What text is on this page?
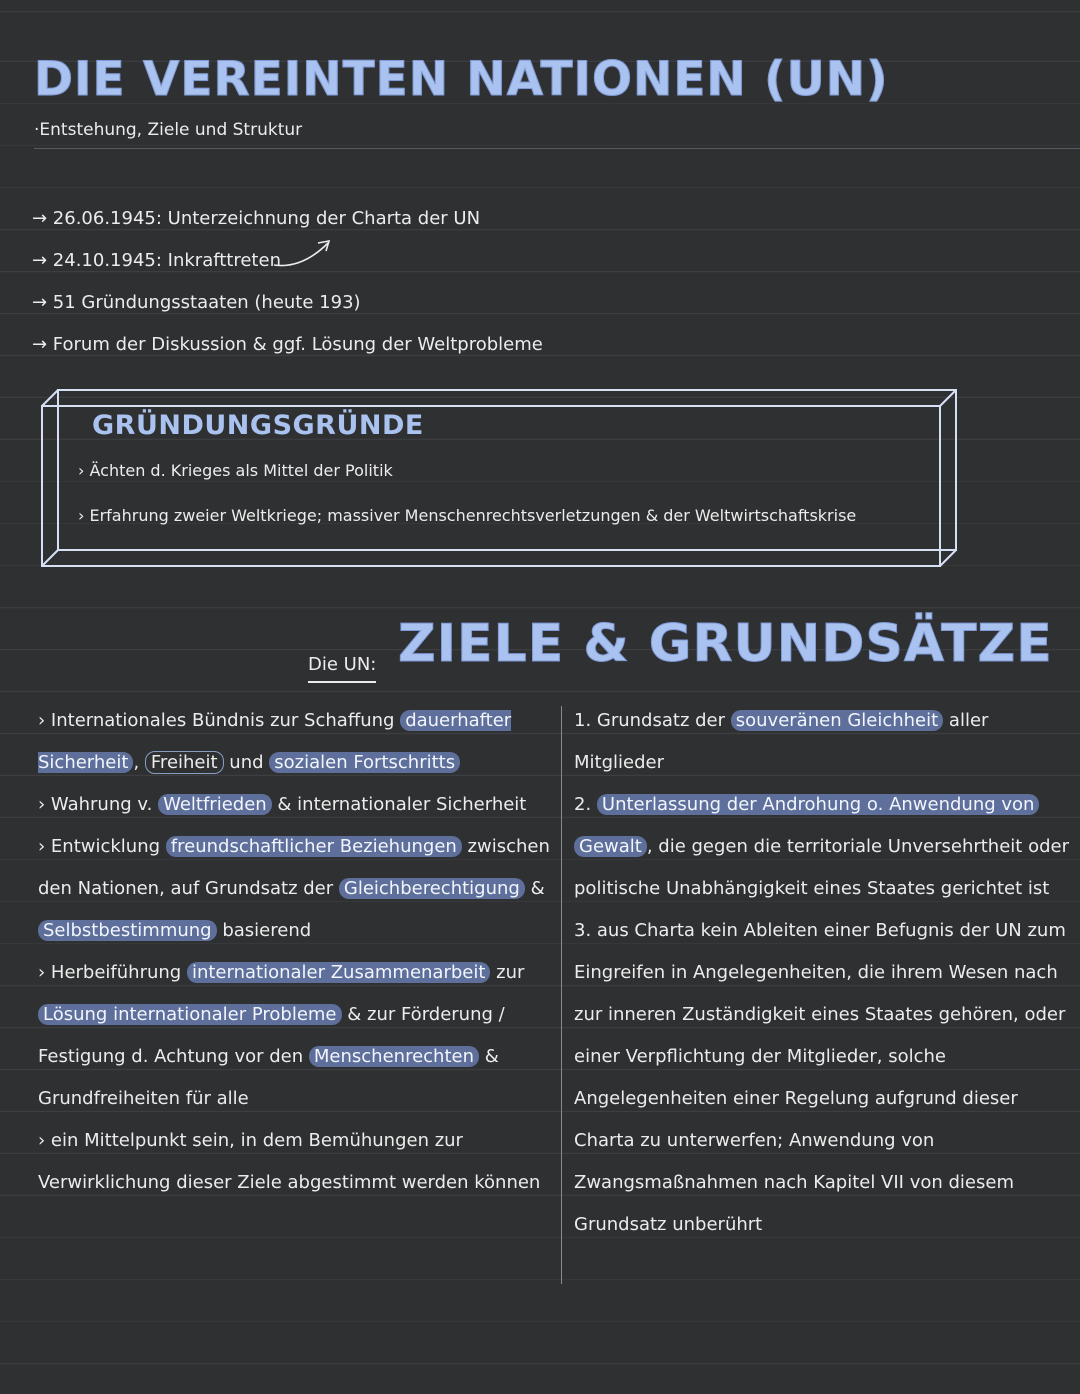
DIE VEREINTEN NATIONEN (UN)
·Entstehung, Ziele und Struktur
→ 26.06.1945: Unterzeichnung der Charta der UN
→ 24.10.1945: Inkrafttreten
→ 51 Gründungsstaaten (heute 193)
→ Forum der Diskussion & ggf. Lösung der Weltprobleme
GRÜNDUNGSGRÜNDE
› Ächten d. Krieges als Mittel der Politik
› Erfahrung zweier Weltkriege; massiver Menschenrechtsverletzungen & der Weltwirtschaftskrise
Die UN: ZIELE & GRUNDSÄTZE

› Internationales Bündnis zur Schaffung dauerhafter Sicherheit , Freiheit und sozialen Fortschritts

› Wahrung v. Weltfrieden & internationaler Sicherheit

› Entwicklung freundschaftlicher Beziehungen zwischen den Nationen, auf Grundsatz der Gleichberechtigung & Selbstbestimmung basierend

› Herbeiführung internationaler Zusammenarbeit zur Lösung internationaler Probleme & zur Förderung / Festigung d. Achtung vor den Menschenrechten & Grundfreiheiten für alle

› ein Mittelpunkt sein, in dem Bemühungen zur Verwirklichung dieser Ziele abgestimmt werden können

1. Grundsatz der souveränen Gleichheit aller Mitglieder

2. Unterlassung der Androhung o. Anwendung von Gewalt , die gegen die territoriale Unversehrtheit oder politische Unabhängigkeit eines Staates gerichtet ist

3. aus Charta kein Ableiten einer Befugnis der UN zum Eingreifen in Angelegenheiten, die ihrem Wesen nach zur inneren Zuständigkeit eines Staates gehören, oder einer Verpflichtung der Mitglieder, solche Angelegenheiten einer Regelung aufgrund dieser Charta zu unterwerfen; Anwendung von Zwangsmaßnahmen nach Kapitel VII von diesem Grundsatz unberührt
